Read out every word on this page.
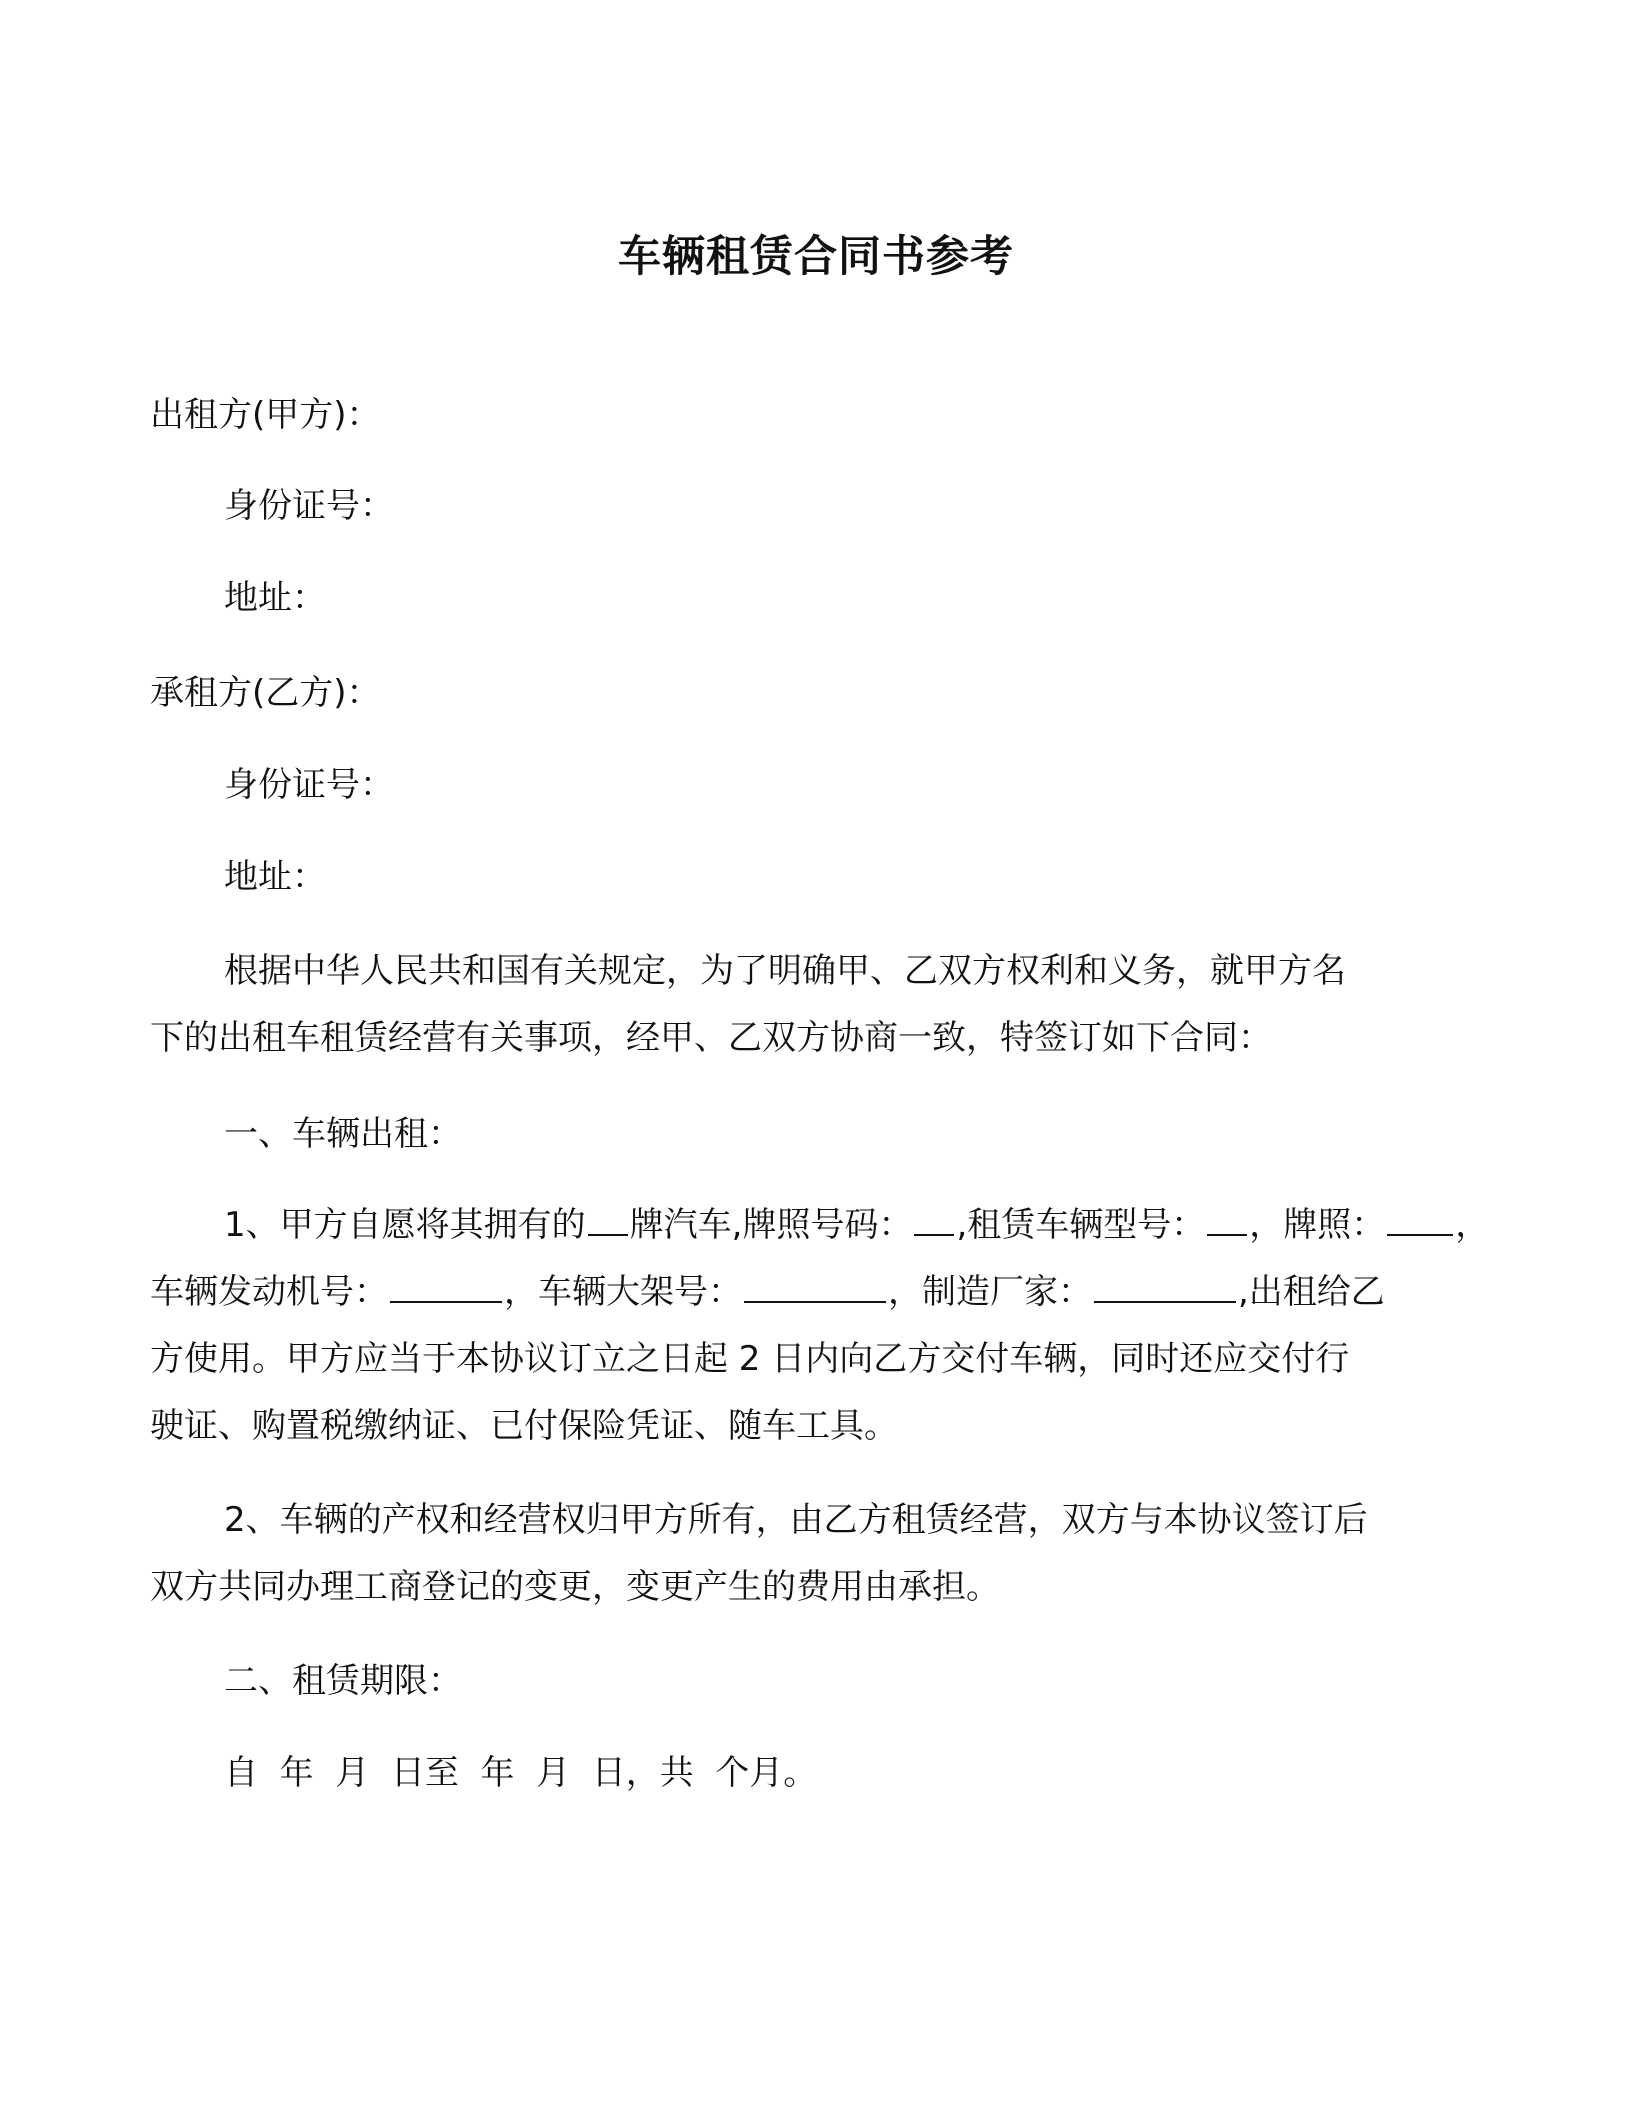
车辆租赁合同书参考
出租方(甲方)：
身份证号：
地址：
承租方(乙方)：
身份证号：
地址：

根据中华人民共和国有关规定，为了明确甲、乙双方权利和义务，就甲方名

下的出租车租赁经营有关事项，经甲、乙双方协商一致，特签订如下合同：

一、车辆出租：

1、甲方自愿将其拥有的 牌汽车,牌照号码： ,租赁车辆型号： ，牌照： ，

车辆发动机号：	，车辆大架号：	，制造厂家：	,出租给乙

方使用。甲方应当于本协议订立之日起 2 日内向乙方交付车辆，同时还应交付行

驶证、购置税缴纳证、已付保险凭证、随车工具。

2、车辆的产权和经营权归甲方所有，由乙方租赁经营，双方与本协议签订后

双方共同办理工商登记的变更，变更产生的费用由承担。

二、租赁期限：
自  年  月  日至  年  月  日，共  个月。
